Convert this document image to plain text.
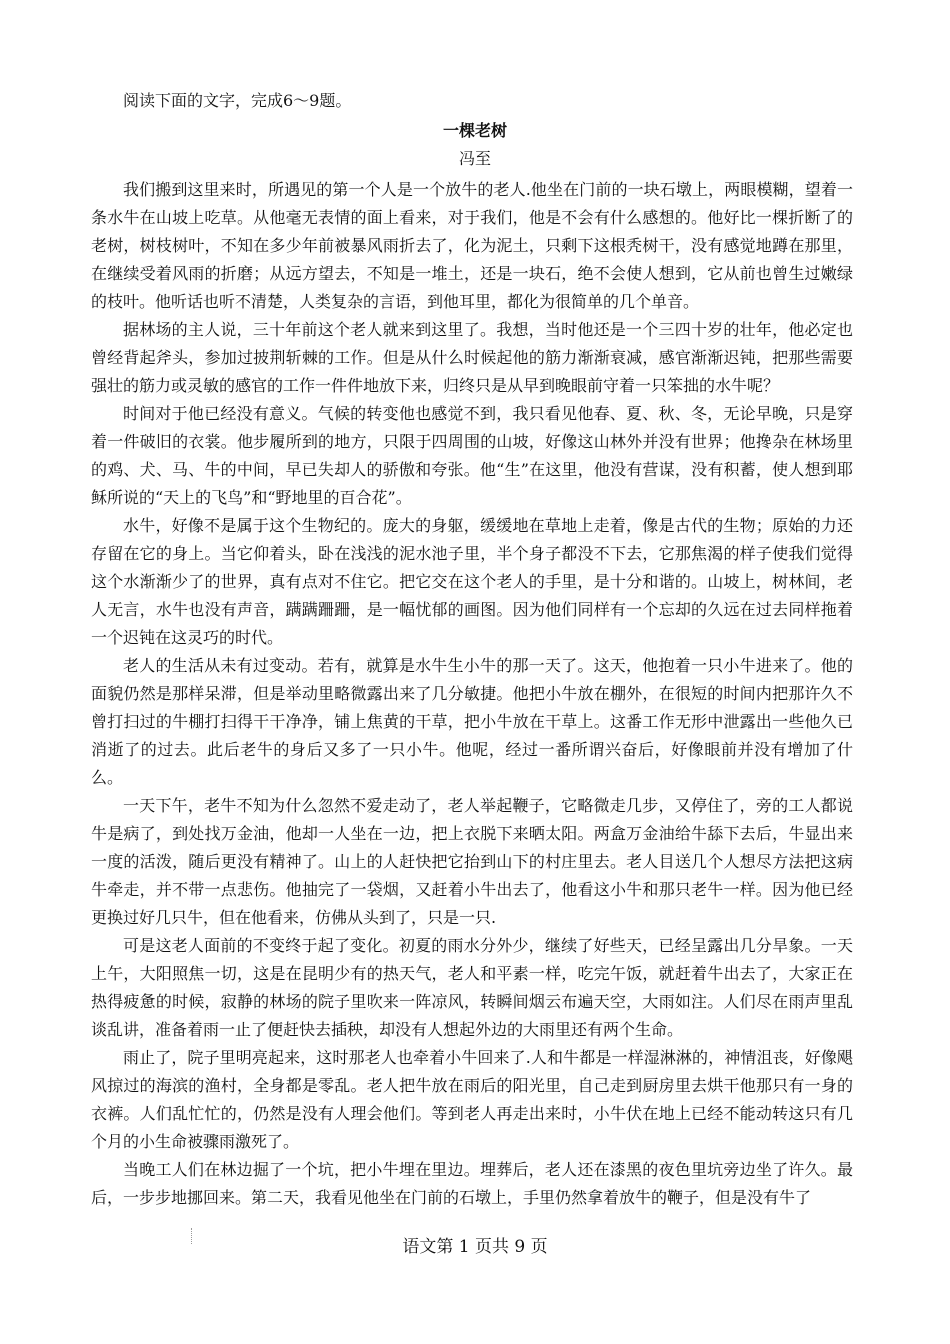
阅读下面的文字，完成6～9题。
一棵老树
冯至

我们搬到这里来时，所遇见的第一个人是一个放牛的老人.他坐在门前的一块石墩上，两眼模糊，望着一条水牛在山坡上吃草。从他毫无表情的面上看来，对于我们，他是不会有什么感想的。他好比一棵折断了的老树，树枝树叶，不知在多少年前被暴风雨折去了，化为泥土，只剩下这根秃树干，没有感觉地蹲在那里，在继续受着风雨的折磨；从远方望去，不知是一堆土，还是一块石，绝不会使人想到，它从前也曾生过嫩绿的枝叶。他听话也听不清楚，人类复杂的言语，到他耳里，都化为很简单的几个单音。

据林场的主人说，三十年前这个老人就来到这里了。我想，当时他还是一个三四十岁的壮年，他必定也曾经背起斧头，参加过披荆斩棘的工作。但是从什么时候起他的筋力渐渐衰减，感官渐渐迟钝，把那些需要强壮的筋力或灵敏的感官的工作一件件地放下来，归终只是从早到晚眼前守着一只笨拙的水牛呢？

时间对于他已经没有意义。气候的转变他也感觉不到，我只看见他春、夏、秋、冬，无论早晚，只是穿着一件破旧的衣裳。他步履所到的地方，只限于四周围的山坡，好像这山林外并没有世界；他搀杂在林场里的鸡、犬、马、牛的中间，早已失却人的骄傲和夸张。他“生”在这里，他没有营谋，没有积蓄，使人想到耶稣所说的“天上的飞鸟”和“野地里的百合花”。

水牛，好像不是属于这个生物纪的。庞大的身躯，缓缓地在草地上走着，像是古代的生物；原始的力还存留在它的身上。当它仰着头，卧在浅浅的泥水池子里，半个身子都没不下去，它那焦渴的样子使我们觉得这个水渐渐少了的世界，真有点对不住它。把它交在这个老人的手里，是十分和谐的。山坡上，树林间，老人无言，水牛也没有声音，蹒蹒跚跚，是一幅忧郁的画图。因为他们同样有一个忘却的久远在过去同样拖着一个迟钝在这灵巧的时代。

老人的生活从未有过变动。若有，就算是水牛生小牛的那一天了。这天，他抱着一只小牛进来了。他的面貌仍然是那样呆滞，但是举动里略微露出来了几分敏捷。他把小牛放在棚外，在很短的时间内把那许久不曾打扫过的牛棚打扫得干干净净，铺上焦黄的干草，把小牛放在干草上。这番工作无形中泄露出一些他久已消逝了的过去。此后老牛的身后又多了一只小牛。他呢，经过一番所谓兴奋后，好像眼前并没有增加了什么。

一天下午，老牛不知为什么忽然不爱走动了，老人举起鞭子，它略微走几步，又停住了，旁的工人都说牛是病了，到处找万金油，他却一人坐在一边，把上衣脱下来晒太阳。两盒万金油给牛舔下去后，牛显出来一度的活泼，随后更没有精神了。山上的人赶快把它抬到山下的村庄里去。老人目送几个人想尽方法把这病牛牵走，并不带一点悲伤。他抽完了一袋烟，又赶着小牛出去了，他看这小牛和那只老牛一样。因为他已经更换过好几只牛，但在他看来，仿佛从头到了，只是一只.

可是这老人面前的不变终于起了变化。初夏的雨水分外少，继续了好些天，已经呈露出几分旱象。一天上午，大阳照焦一切，这是在昆明少有的热天气，老人和平素一样，吃完午饭，就赶着牛出去了，大家正在热得疲惫的时候，寂静的林场的院子里吹来一阵凉风，转瞬间烟云布遍天空，大雨如注。人们尽在雨声里乱谈乱讲，准备着雨一止了便赶快去插秧，却没有人想起外边的大雨里还有两个生命。

雨止了，院子里明亮起来，这时那老人也牵着小牛回来了.人和牛都是一样湿淋淋的，神情沮丧，好像飓风掠过的海滨的渔村，全身都是零乱。老人把牛放在雨后的阳光里，自己走到厨房里去烘干他那只有一身的衣裤。人们乱忙忙的，仍然是没有人理会他们。等到老人再走出来时，小牛伏在地上已经不能动转这只有几个月的小生命被骤雨激死了。

当晚工人们在林边掘了一个坑，把小牛埋在里边。埋葬后，老人还在漆黑的夜色里坑旁边坐了许久。最后，一步步地挪回来。第二天，我看见他坐在门前的石墩上，手里仍然拿着放牛的鞭子，但是没有牛了

语文第 1 页共 9 页
